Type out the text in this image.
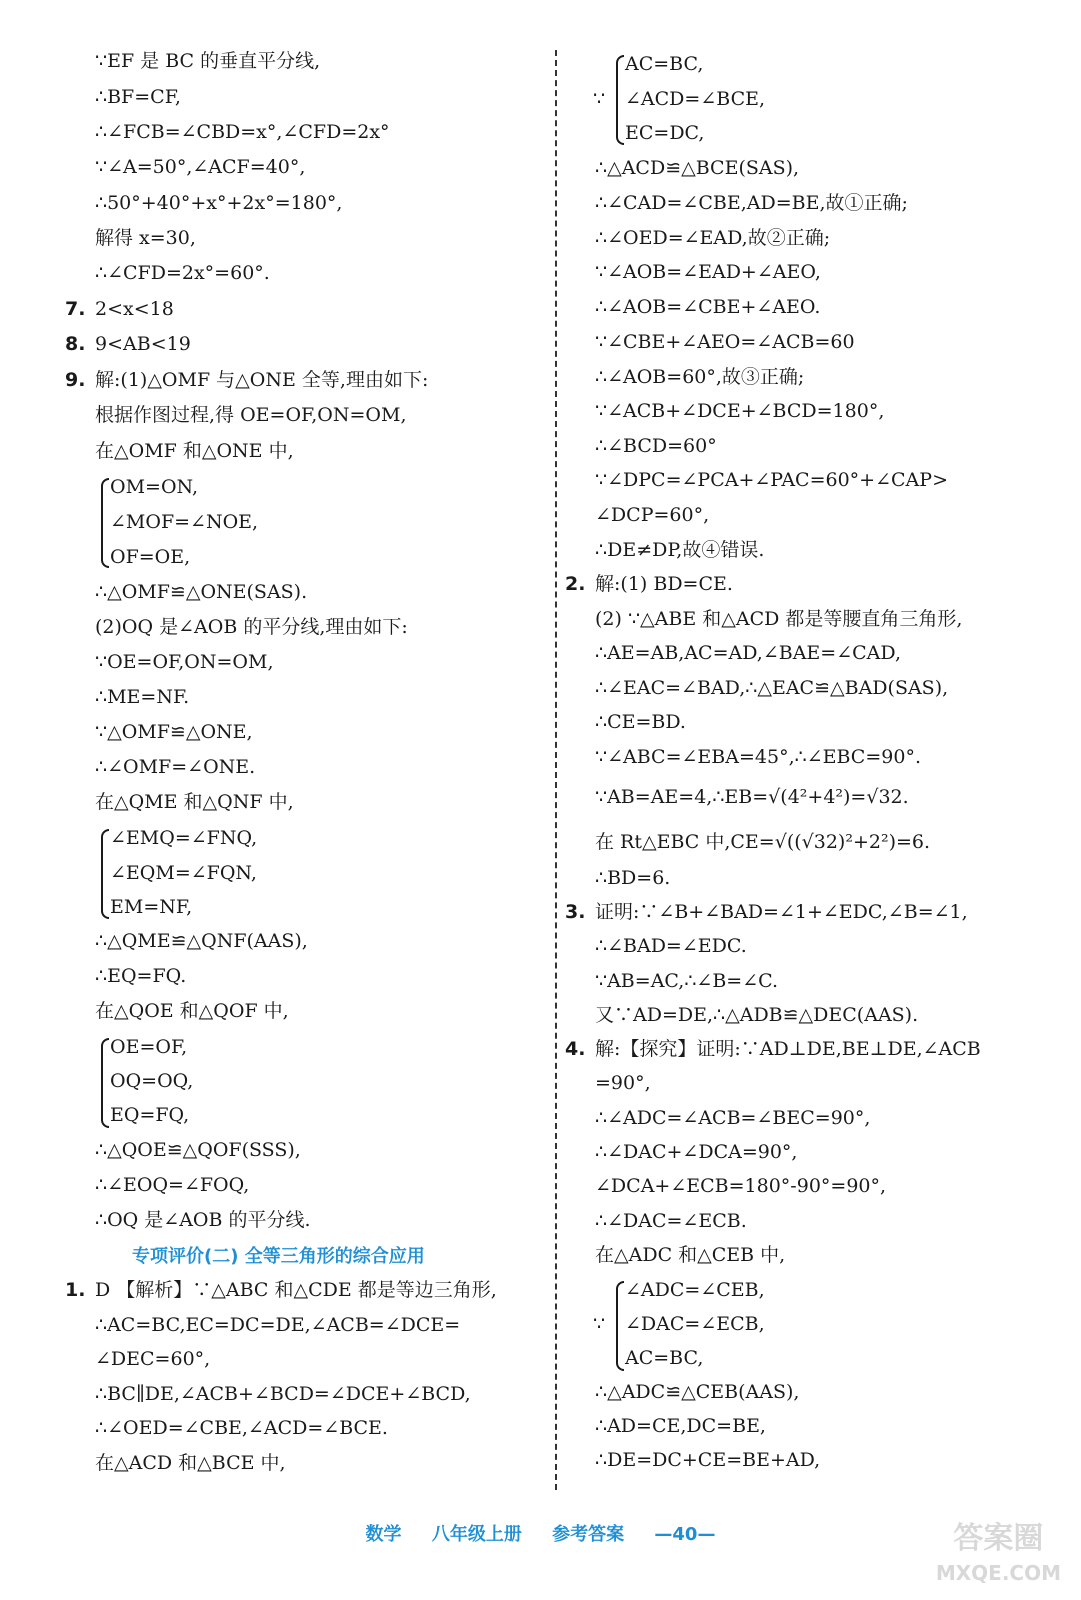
∵EF 是 BC 的垂直平分线,
∴BF=CF,
∴∠FCB=∠CBD=x°,∠CFD=2x°
∵∠A=50°,∠ACF=40°,
∴50°+40°+x°+2x°=180°,
解得 x=30,
∴∠CFD=2x°=60°.
7. 2<x<18
8. 9<AB<19
9. 解:(1)△OMF 与△ONE 全等,理由如下:
根据作图过程,得 OE=OF,ON=OM,
在△OMF 和△ONE 中,
OM=ON,
∠MOF=∠NOE,
OF=OE,
∴△OMF≌△ONE(SAS).
(2)OQ 是∠AOB 的平分线,理由如下:
∵OE=OF,ON=OM,
∴ME=NF.
∵△OMF≌△ONE,
∴∠OMF=∠ONE.
在△QME 和△QNF 中,
∠EMQ=∠FNQ,
∠EQM=∠FQN,
EM=NF,
∴△QME≌△QNF(AAS),
∴EQ=FQ.
在△QOE 和△QOF 中,
OE=OF,
OQ=OQ,
EQ=FQ,
∴△QOE≌△QOF(SSS),
∴∠EOQ=∠FOQ,
∴OQ 是∠AOB 的平分线.
1. D 【解析】∵△ABC 和△CDE 都是等边三角形,
∴AC=BC,EC=DC=DE,∠ACB=∠DCE=
∠DEC=60°,
∴BC∥DE,∠ACB+∠BCD=∠DCE+∠BCD,
∴∠OED=∠CBE,∠ACD=∠BCE.
在△ACD 和△BCE 中,
AC=BC,
∠ACD=∠BCE,
EC=DC,
∴△ACD≌△BCE(SAS),
∴∠CAD=∠CBE,AD=BE,故①正确;
∴∠OED=∠EAD,故②正确;
∵∠AOB=∠EAD+∠AEO,
∴∠AOB=∠CBE+∠AEO.
∵∠CBE+∠AEO=∠ACB=60
∴∠AOB=60°,故③正确;
∵∠ACB+∠DCE+∠BCD=180°,
∴∠BCD=60°
∵∠DPC=∠PCA+∠PAC=60°+∠CAP>
∠DCP=60°,
∴DE≠DP,故④错误.
2. 解:(1) BD=CE.
(2) ∵△ABE 和△ACD 都是等腰直角三角形,
∴AE=AB,AC=AD,∠BAE=∠CAD,
∴∠EAC=∠BAD,∴△EAC≌△BAD(SAS),
∴CE=BD.
∵∠ABC=∠EBA=45°,∴∠EBC=90°.
∵AB=AE=4,∴EB=√(4²+4²)=√32.
在 Rt△EBC 中,CE=√((√32)²+2²)=6.
∴BD=6.
3. 证明:∵∠B+∠BAD=∠1+∠EDC,∠B=∠1,
∴∠BAD=∠EDC.
∵AB=AC,∴∠B=∠C.
又∵AD=DE,∴△ADB≌△DEC(AAS).
4. 解:【探究】证明:∵AD⊥DE,BE⊥DE,∠ACB
=90°,
∴∠ADC=∠ACB=∠BEC=90°,
∴∠DAC+∠DCA=90°,
∠DCA+∠ECB=180°-90°=90°,
∴∠DAC=∠ECB.
在△ADC 和△CEB 中,
∠ADC=∠CEB,
∠DAC=∠ECB,
AC=BC,
∴△ADC≌△CEB(AAS),
∴AD=CE,DC=BE,
∴DE=DC+CE=BE+AD,
∵
∵
专项评价(二) 全等三角形的综合应用
数学 八年级上册 参考答案 —40—	答案圈
MXQE.COM
